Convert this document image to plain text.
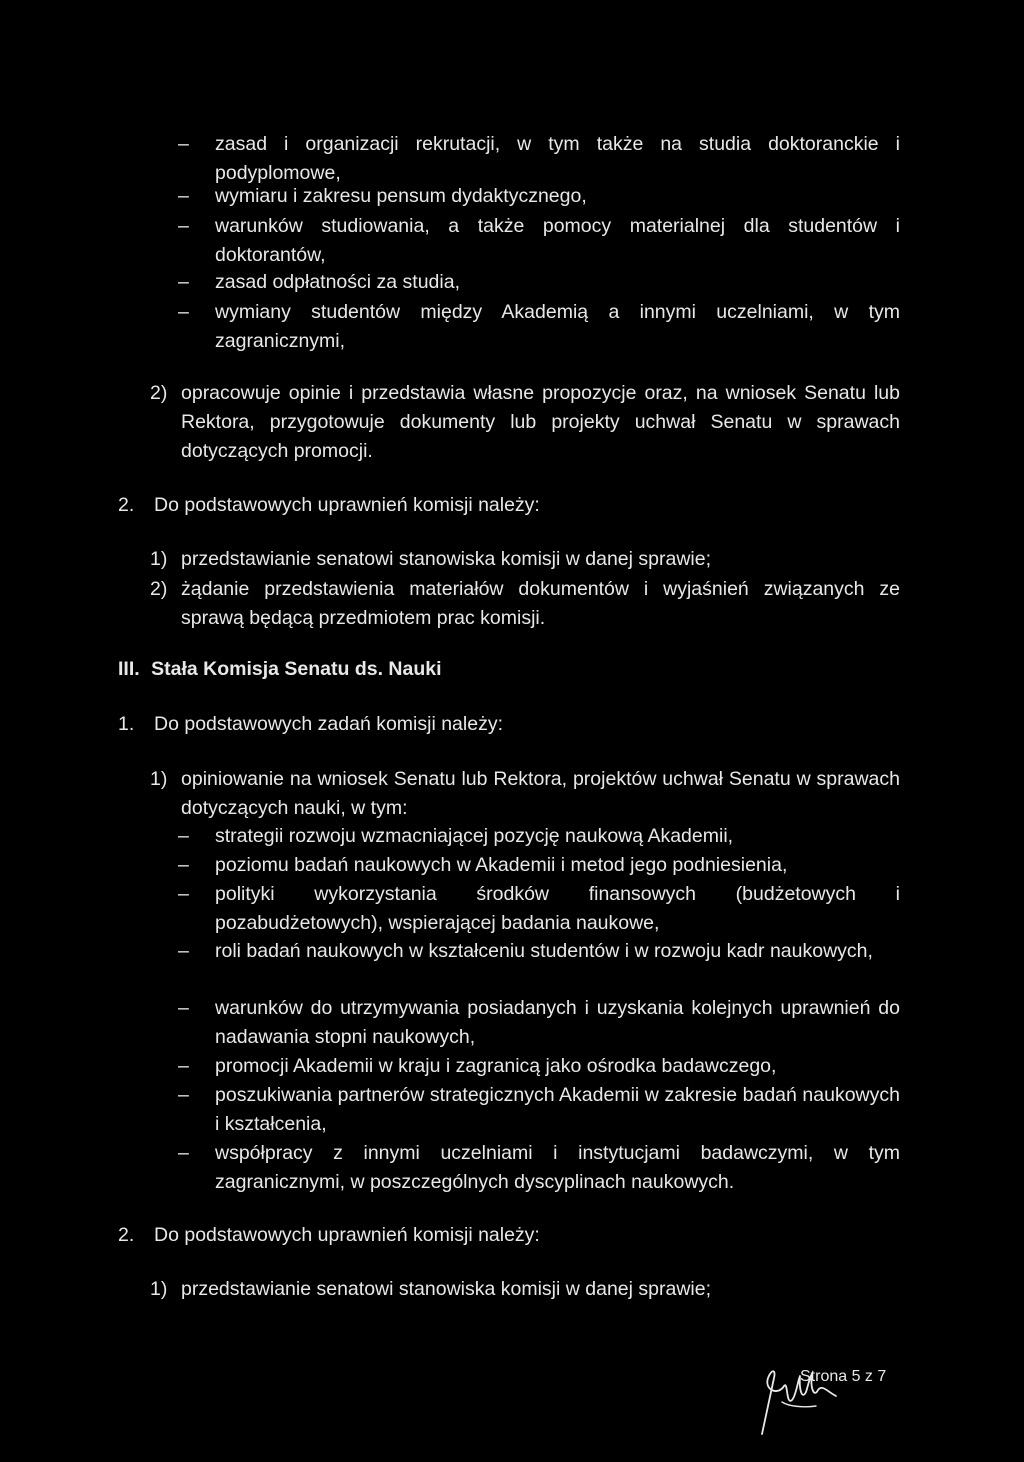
–	zasad i organizacji rekrutacji, w tym także na studia doktoranckie i podyplomowe,
–	wymiaru i zakresu pensum dydaktycznego,
–	warunków studiowania, a także pomocy materialnej dla studentów i doktorantów,
–	zasad odpłatności za studia,
–	wymiany studentów między Akademią a innymi uczelniami, w tym zagranicznymi,
2) opracowuje opinie i przedstawia własne propozycje oraz, na wniosek Senatu lub Rektora, przygotowuje dokumenty lub projekty uchwał Senatu w sprawach dotyczących promocji.
2. Do podstawowych uprawnień komisji należy:
1) przedstawianie senatowi stanowiska komisji w danej sprawie;
2) żądanie przedstawienia materiałów dokumentów i wyjaśnień związanych ze sprawą będącą przedmiotem prac komisji.
III. Stała Komisja Senatu ds. Nauki
1. Do podstawowych zadań komisji należy:
1) opiniowanie na wniosek Senatu lub Rektora, projektów uchwał Senatu w sprawach dotyczących nauki, w tym:
–	strategii rozwoju wzmacniającej pozycję naukową Akademii,
–	poziomu badań naukowych w Akademii i metod jego podniesienia,
–	polityki wykorzystania środków finansowych (budżetowych i pozabudżetowych), wspierającej badania naukowe,
–	roli badań naukowych w kształceniu studentów i w rozwoju kadr naukowych,
–	warunków do utrzymywania posiadanych i uzyskania kolejnych uprawnień do nadawania stopni naukowych,
–	promocji Akademii w kraju i zagranicą jako ośrodka badawczego,
–	poszukiwania partnerów strategicznych Akademii w zakresie badań naukowych i kształcenia,
–	współpracy z innymi uczelniami i instytucjami badawczymi, w tym zagranicznymi, w poszczególnych dyscyplinach naukowych.
2. Do podstawowych uprawnień komisji należy:
1) przedstawianie senatowi stanowiska komisji w danej sprawie;
Strona 5 z 7
